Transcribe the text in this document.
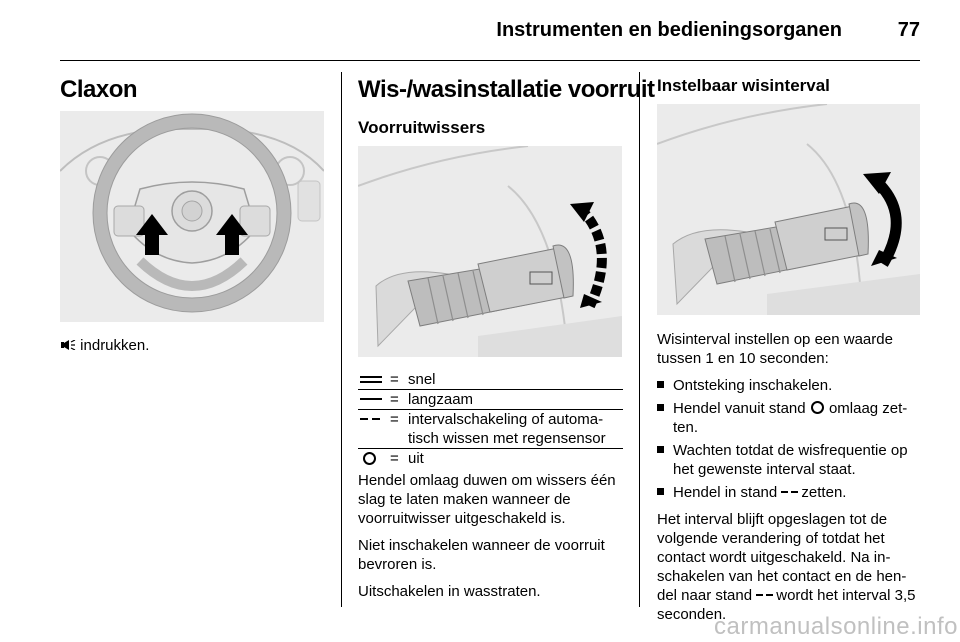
Instrumenten en bedieningsorganen	77
Claxon
indrukken.
Wis-/wasinstallatie voorruit
Voorruitwissers
= snel
= langzaam
= intervalschakeling of automa-tisch wissen met regensensor
= uit

Hendel omlaag duwen om wissers één slag te laten maken wanneer de voorruitwisser uitgeschakeld is.

Niet inschakelen wanneer de voorruit bevroren is.

Uitschakelen in wasstraten.

Instelbaar wisinterval

Wisinterval instellen op een waarde tussen 1 en 10 seconden:

Ontsteking inschakelen.
Hendel vanuit stand omlaag zet-ten.
Wachten totdat de wisfrequentie op het gewenste interval staat.
Hendel in stand zetten.

Het interval blijft opgeslagen tot de volgende verandering of totdat het contact wordt uitgeschakeld. Na in-schakelen van het contact en de hen-del naar stand wordt het interval 3,5 seconden.

carmanualsonline.info
